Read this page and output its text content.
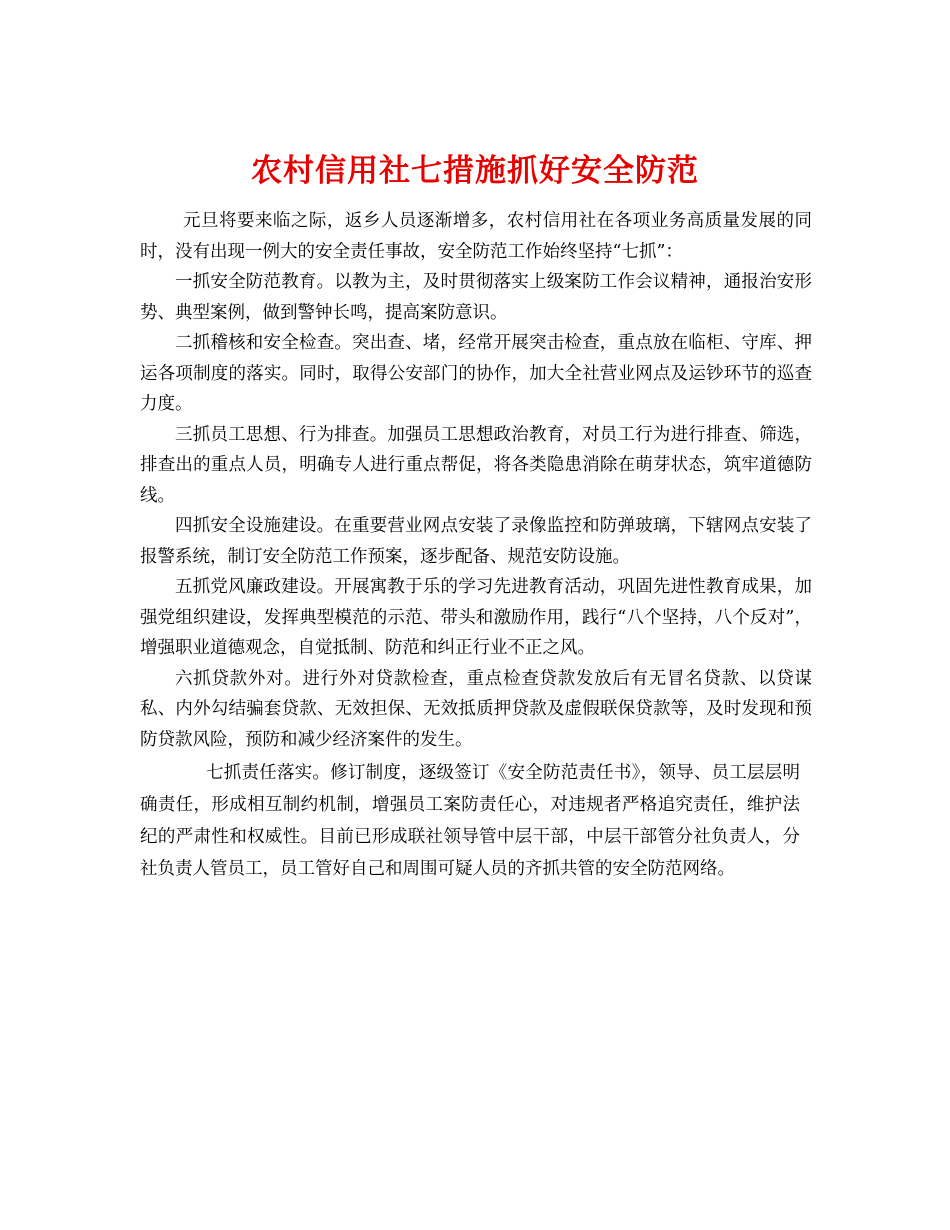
农村信用社七措施抓好安全防范

元旦将要来临之际，返乡人员逐渐增多，农村信用社在各项业务高质量发展的同时，没有出现一例大的安全责任事故，安全防范工作始终坚持“七抓”：

一抓安全防范教育。以教为主，及时贯彻落实上级案防工作会议精神，通报治安形势、典型案例，做到警钟长鸣，提高案防意识。

二抓稽核和安全检查。突出查、堵，经常开展突击检查，重点放在临柜、守库、押运各项制度的落实。同时，取得公安部门的协作，加大全社营业网点及运钞环节的巡查力度。

三抓员工思想、行为排查。加强员工思想政治教育，对员工行为进行排查、筛选，排查出的重点人员，明确专人进行重点帮促，将各类隐患消除在萌芽状态，筑牢道德防线。

四抓安全设施建设。在重要营业网点安装了录像监控和防弹玻璃，下辖网点安装了报警系统，制订安全防范工作预案，逐步配备、规范安防设施。

五抓党风廉政建设。开展寓教于乐的学习先进教育活动，巩固先进性教育成果，加强党组织建设，发挥典型模范的示范、带头和激励作用，践行“八个坚持，八个反对”，增强职业道德观念，自觉抵制、防范和纠正行业不正之风。

六抓贷款外对。进行外对贷款检查，重点检查贷款发放后有无冒名贷款、以贷谋私、内外勾结骗套贷款、无效担保、无效抵质押贷款及虚假联保贷款等，及时发现和预防贷款风险，预防和减少经济案件的发生。

七抓责任落实。修订制度，逐级签订《安全防范责任书》，领导、员工层层明确责任，形成相互制约机制，增强员工案防责任心，对违规者严格追究责任，维护法纪的严肃性和权威性。目前已形成联社领导管中层干部，中层干部管分社负责人，分社负责人管员工，员工管好自己和周围可疑人员的齐抓共管的安全防范网络。
